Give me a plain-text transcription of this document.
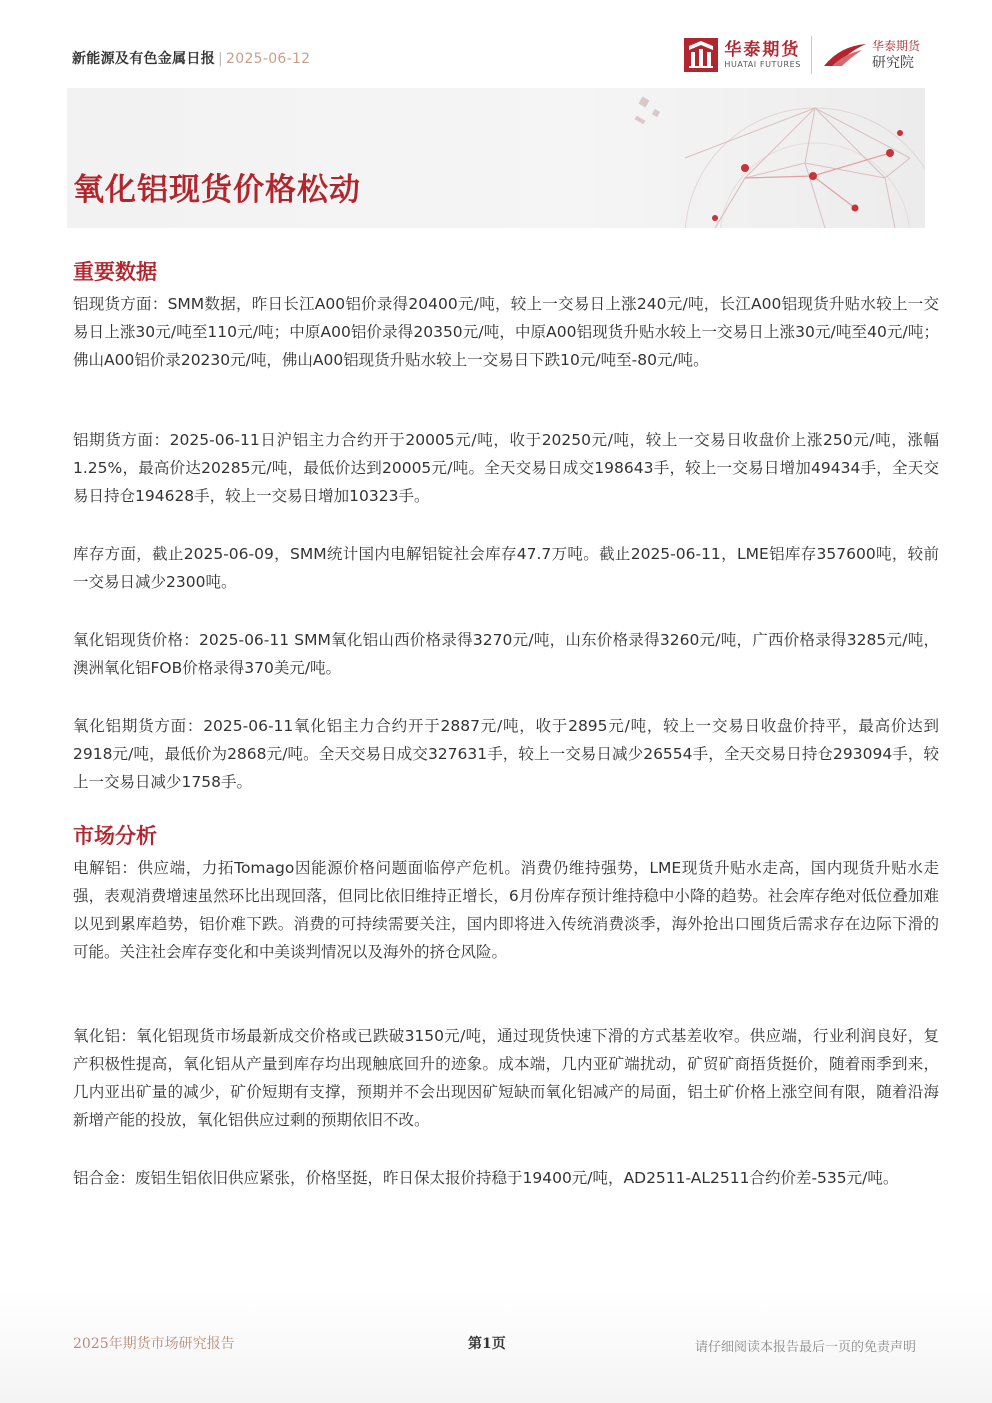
新能源及有色金属日报 | 2025-06-12	华泰期货
HUATAI FUTURES
华泰期货
研究院
氧化铝现货价格松动
重要数据

铝现货方面：SMM数据，昨日长江A00铝价录得20400元/吨，较上一交易日上涨240元/吨，长江A00铝现货升贴水较上一交易日上涨30元/吨至110元/吨；中原A00铝价录得20350元/吨，中原A00铝现货升贴水较上一交易日上涨30元/吨至40元/吨；佛山A00铝价录20230元/吨，佛山A00铝现货升贴水较上一交易日下跌10元/吨至-80元/吨。

铝期货方面：2025-06-11日沪铝主力合约开于20005元/吨，收于20250元/吨，较上一交易日收盘价上涨250元/吨，涨幅1.25%，最高价达20285元/吨，最低价达到20005元/吨。全天交易日成交198643手，较上一交易日增加49434手，全天交易日持仓194628手，较上一交易日增加10323手。

库存方面，截止2025-06-09，SMM统计国内电解铝锭社会库存47.7万吨。截止2025-06-11，LME铝库存357600吨，较前一交易日减少2300吨。

氧化铝现货价格：2025-06-11 SMM氧化铝山西价格录得3270元/吨，山东价格录得3260元/吨，广西价格录得3285元/吨，澳洲氧化铝FOB价格录得370美元/吨。

氧化铝期货方面：2025-06-11氧化铝主力合约开于2887元/吨，收于2895元/吨，较上一交易日收盘价持平，最高价达到2918元/吨，最低价为2868元/吨。全天交易日成交327631手，较上一交易日减少26554手，全天交易日持仓293094手，较上一交易日减少1758手。

市场分析

电解铝：供应端，力拓Tomago因能源价格问题面临停产危机。消费仍维持强势，LME现货升贴水走高，国内现货升贴水走强，表观消费增速虽然环比出现回落，但同比依旧维持正增长，6月份库存预计维持稳中小降的趋势。社会库存绝对低位叠加难以见到累库趋势，铝价难下跌。消费的可持续需要关注，国内即将进入传统消费淡季，海外抢出口囤货后需求存在边际下滑的可能。关注社会库存变化和中美谈判情况以及海外的挤仓风险。

氧化铝：氧化铝现货市场最新成交价格或已跌破3150元/吨，通过现货快速下滑的方式基差收窄。供应端，行业利润良好，复产积极性提高，氧化铝从产量到库存均出现触底回升的迹象。成本端，几内亚矿端扰动，矿贸矿商捂货挺价，随着雨季到来，几内亚出矿量的减少，矿价短期有支撑，预期并不会出现因矿短缺而氧化铝减产的局面，铝土矿价格上涨空间有限，随着沿海新增产能的投放，氧化铝供应过剩的预期依旧不改。

铝合金：废铝生铝依旧供应紧张，价格坚挺，昨日保太报价持稳于19400元/吨，AD2511-AL2511合约价差-535元/吨。

2025年期货市场研究报告	第1页	请仔细阅读本报告最后一页的免责声明
